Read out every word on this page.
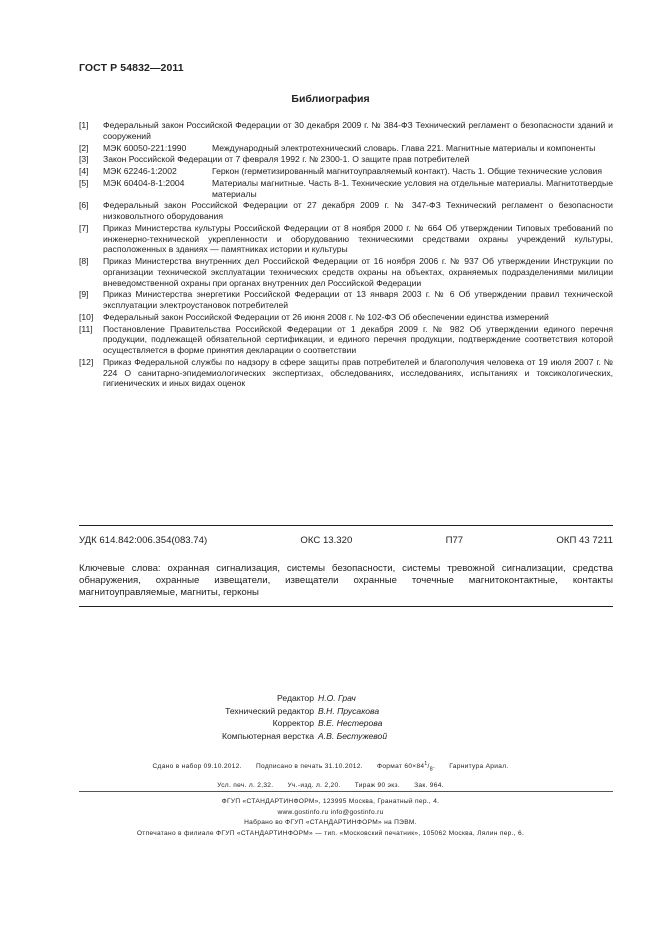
ГОСТ Р 54832—2011
Библиография
[1]	Федеральный закон Российской Федерации от 30 декабря 2009 г. № 384-ФЗ Технический регламент о безопасности зданий и сооружений
[2]	МЭК 60050-221:1990	Международный электротехнический словарь. Глава 221. Магнитные материалы и компоненты
[3]	Закон Российской Федерации от 7 февраля 1992 г. № 2300-1. О защите прав потребителей
[4]	МЭК 62246-1:2002	Геркон (герметизированный магнитоуправляемый контакт). Часть 1. Общие технические условия
[5]	МЭК 60404-8-1:2004	Материалы магнитные. Часть 8-1. Технические условия на отдельные материалы. Магнитотвердые материалы
[6]	Федеральный закон Российской Федерации от 27 декабря 2009 г. № 347-ФЗ Технический регламент о безопасности низковольтного оборудования
[7]	Приказ Министерства культуры Российской Федерации от 8 ноября 2000 г. № 664 Об утверждении Типовых требований по инженерно-технической укрепленности и оборудованию техническими средствами охраны учреждений культуры, расположенных в зданиях — памятниках истории и культуры
[8]	Приказ Министерства внутренних дел Российской Федерации от 16 ноября 2006 г. № 937 Об утверждении Инструкции по организации технической эксплуатации технических средств охраны на объектах, охраняемых подразделениями милиции вневедомственной охраны при органах внутренних дел Российской Федерации
[9]	Приказ Министерства энергетики Российской Федерации от 13 января 2003 г. № 6 Об утверждении правил технической эксплуатации электроустановок потребителей
[10]	Федеральный закон Российской Федерации от 26 июня 2008 г. № 102-ФЗ Об обеспечении единства измерений
[11]	Постановление Правительства Российской Федерации от 1 декабря 2009 г. № 982 Об утверждении единого перечня продукции, подлежащей обязательной сертификации, и единого перечня продукции, подтверждение соответствия которой осуществляется в форме принятия декларации о соответствии
[12]	Приказ Федеральной службы по надзору в сфере защиты прав потребителей и благополучия человека от 19 июля 2007 г. № 224 О санитарно-эпидемиологических экспертизах, обследованиях, исследованиях, испытаниях и токсикологических, гигиенических и иных видах оценок
УДК 614.842:006.354(083.74)	ОКС 13.320	П77	ОКП 43 7211
Ключевые слова: охранная сигнализация, системы безопасности, системы тревожной сигнализации, средства обнаружения, охранные извещатели, извещатели охранные точечные магнитоконтактные, контакты магнитоуправляемые, магниты, герконы
Редактор Н.О. Грач
Технический редактор В.Н. Прусакова
Корректор В.Е. Нестерова
Компьютерная верстка А.В. Бестужевой
Сдано в набор 09.10.2012. Подписано в печать 31.10.2012. Формат $60\times 84^1/_8$. Гарнитура Ариал.
Усл. печ. л. 2,32. Уч.-изд. л. 2,20. Тираж 90 экз. Зак. 964.
ФГУП «СТАНДАРТИНФОРМ», 123995 Москва, Гранатный пер., 4.
www.gostinfo.ru info@gostinfo.ru
Набрано во ФГУП «СТАНДАРТИНФОРМ» на ПЭВМ.
Отпечатано в филиале ФГУП «СТАНДАРТИНФОРМ» — тип. «Московский печатник», 105062 Москва, Лялин пер., 6.
